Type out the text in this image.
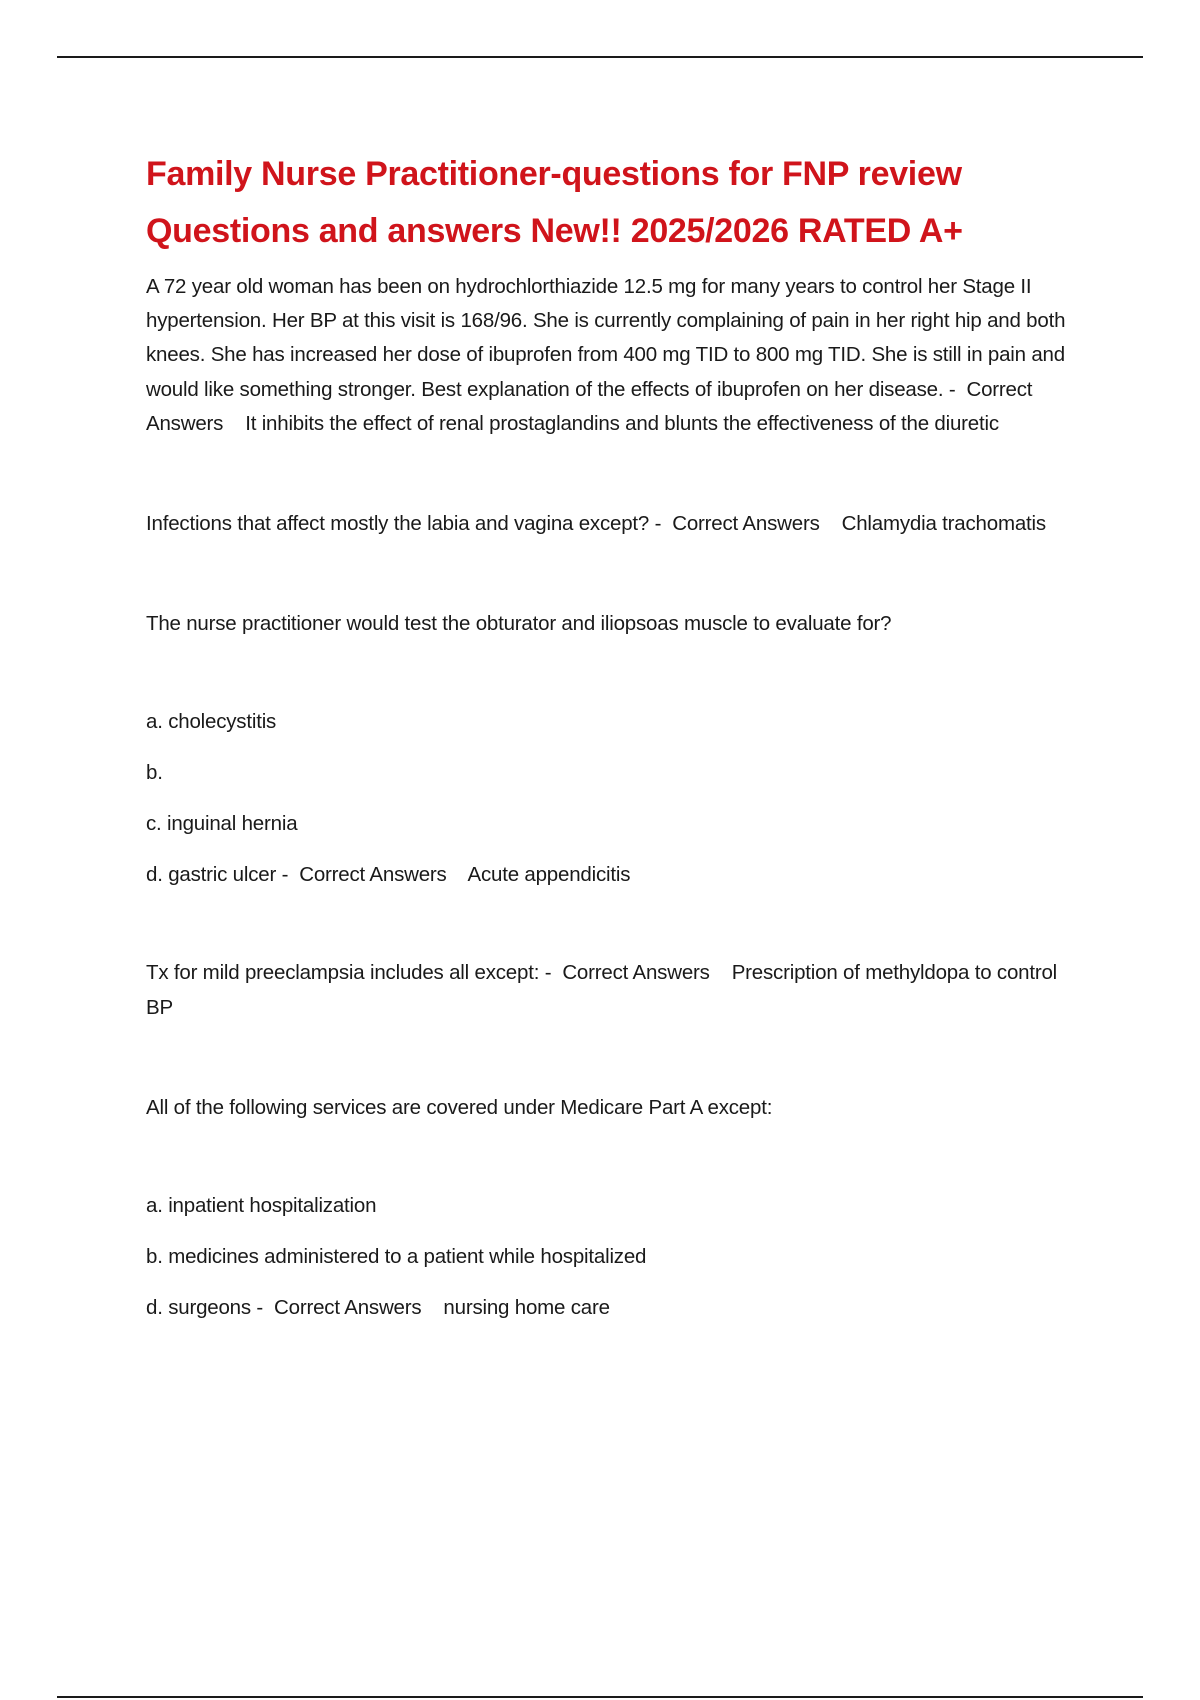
Family Nurse Practitioner-questions for FNP review
Questions and answers New!! 2025/2026 RATED A+

A 72 year old woman has been on hydrochlorthiazide 12.5 mg for many years to control her Stage II hypertension. Her BP at this visit is 168/96. She is currently complaining of pain in her right hip and both knees. She has increased her dose of ibuprofen from 400 mg TID to 800 mg TID. She is still in pain and would like something stronger. Best explanation of the effects of ibuprofen on her disease. - Correct Answers It inhibits the effect of renal prostaglandins and blunts the effectiveness of the diuretic

Infections that affect mostly the labia and vagina except? - Correct Answers Chlamydia trachomatis

The nurse practitioner would test the obturator and iliopsoas muscle to evaluate for?

a. cholecystitis

b.

c. inguinal hernia

d. gastric ulcer - Correct Answers Acute appendicitis

Tx for mild preeclampsia includes all except: - Correct Answers Prescription of methyldopa to control BP

All of the following services are covered under Medicare Part A except:

a. inpatient hospitalization

b. medicines administered to a patient while hospitalized

d. surgeons - Correct Answers nursing home care
